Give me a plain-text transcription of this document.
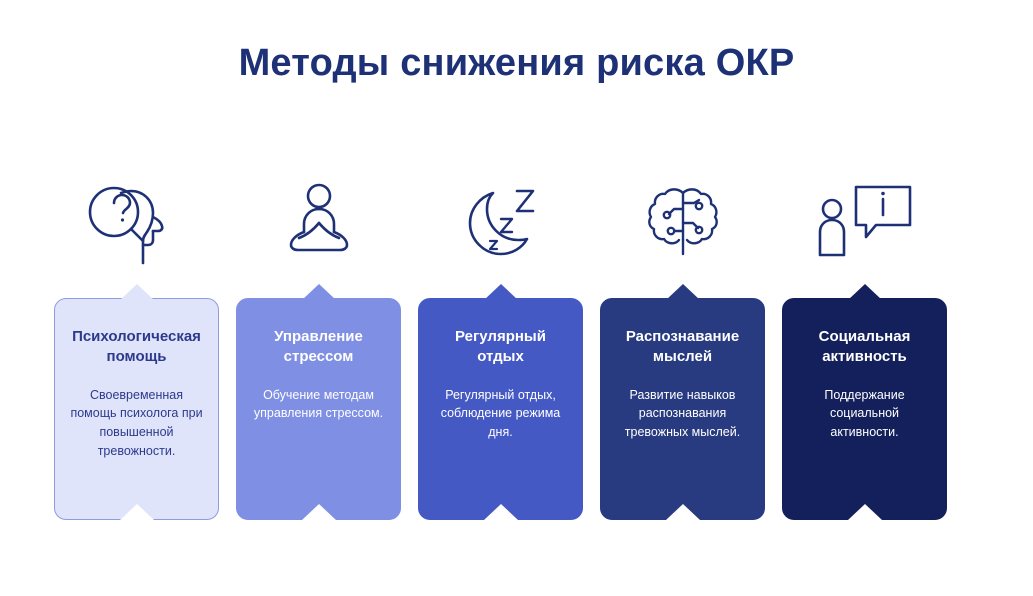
Методы снижения риска ОКР
Психологическая помощь
Своевременная помощь психолога при повышенной тревожности.
Управление стрессом
Обучение методам управления стрессом.
Регулярный отдых
Регулярный отдых, соблюдение режима дня.
Распознавание мыслей
Развитие навыков распознавания тревожных мыслей.
Социальная активность
Поддержание социальной активности.
